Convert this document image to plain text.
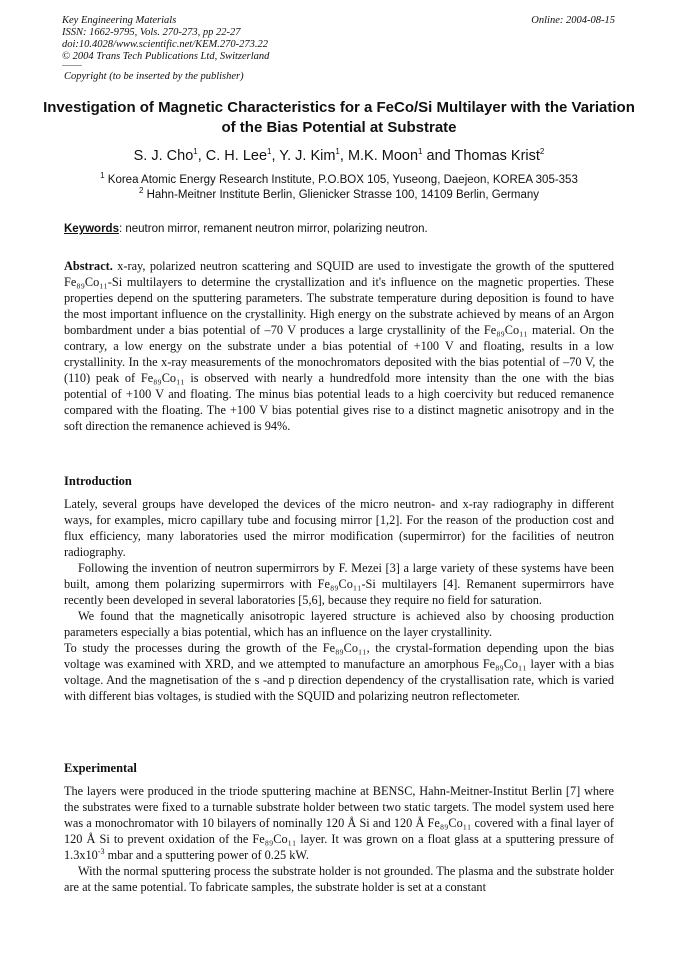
Key Engineering Materials
ISSN: 1662-9795, Vols. 270-273, pp 22-27
doi:10.4028/www.scientific.net/KEM.270-273.22
© 2004 Trans Tech Publications Ltd, Switzerland
Online: 2004-08-15
Copyright (to be inserted by the publisher)
Investigation of Magnetic Characteristics for a FeCo/Si Multilayer with the Variation of the Bias Potential at Substrate
S. J. Cho$^1$, C. H. Lee$^1$, Y. J. Kim$^1$, M.K. Moon$^1$ and Thomas Krist$^2$
$^1$ Korea Atomic Energy Research Institute, P.O.BOX 105, Yuseong, Daejeon, KOREA 305-353
$^2$ Hahn-Meitner Institute Berlin, Glienicker Strasse 100, 14109 Berlin, Germany
Keywords: neutron mirror, remanent neutron mirror, polarizing neutron.

Abstract. x-ray, polarized neutron scattering and SQUID are used to investigate the growth of the sputtered Fe₈₉Co₁₁-Si multilayers to determine the crystallization and it's influence on the magnetic properties. These properties depend on the sputtering parameters. The substrate temperature during deposition is found to have the most important influence on the crystallinity. High energy on the substrate achieved by means of an Argon bombardment under a bias potential of –70 V produces a large crystallinity of the Fe₈₉Co₁₁ material. On the contrary, a low energy on the substrate under a bias potential of +100 V and floating, results in a low crystallinity. In the x-ray measurements of the monochromators deposited with the bias potential of –70 V, the (110) peak of Fe₈₉Co₁₁ is observed with nearly a hundredfold more intensity than the one with the bias potential of +100 V and floating. The minus bias potential leads to a high coercivity but reduced remanence compared with the floating. The +100 V bias potential gives rise to a distinct magnetic anisotropy and in the soft direction the remanence achieved is 94%.

Introduction

Lately, several groups have developed the devices of the micro neutron- and x-ray radiography in different ways, for examples, micro capillary tube and focusing mirror [1,2]. For the reason of the production cost and flux efficiency, many laboratories used the mirror modification (supermirror) for the facilities of neutron radiography.

Following the invention of neutron supermirrors by F. Mezei [3] a large variety of these systems have been built, among them polarizing supermirrors with Fe₈₉Co₁₁-Si multilayers [4]. Remanent supermirrors have recently been developed in several laboratories [5,6], because they require no field for saturation.

We found that the magnetically anisotropic layered structure is achieved also by choosing production parameters especially a bias potential, which has an influence on the layer crystallinity.

To study the processes during the growth of the Fe₈₉Co₁₁, the crystal-formation depending upon the bias voltage was examined with XRD, and we attempted to manufacture an amorphous Fe₈₉Co₁₁ layer with a bias voltage. And the magnetisation of the s -and p direction dependency of the crystallisation rate, which is varied with different bias voltages, is studied with the SQUID and polarizing neutron reflectometer.

Experimental

The layers were produced in the triode sputtering machine at BENSC, Hahn-Meitner-Institut Berlin [7] where the substrates were fixed to a turnable substrate holder between two static targets. The model system used here was a monochromator with 10 bilayers of nominally 120 Å Si and 120 Å Fe₈₉Co₁₁ covered with a final layer of 120 Å Si to prevent oxidation of the Fe₈₉Co₁₁ layer. It was grown on a float glass at a sputtering pressure of $1.3x10^{-3}$ mbar and a sputtering power of 0.25 kW.

With the normal sputtering process the substrate holder is not grounded. The plasma and the substrate holder are at the same potential. To fabricate samples, the substrate holder is set at a constant
